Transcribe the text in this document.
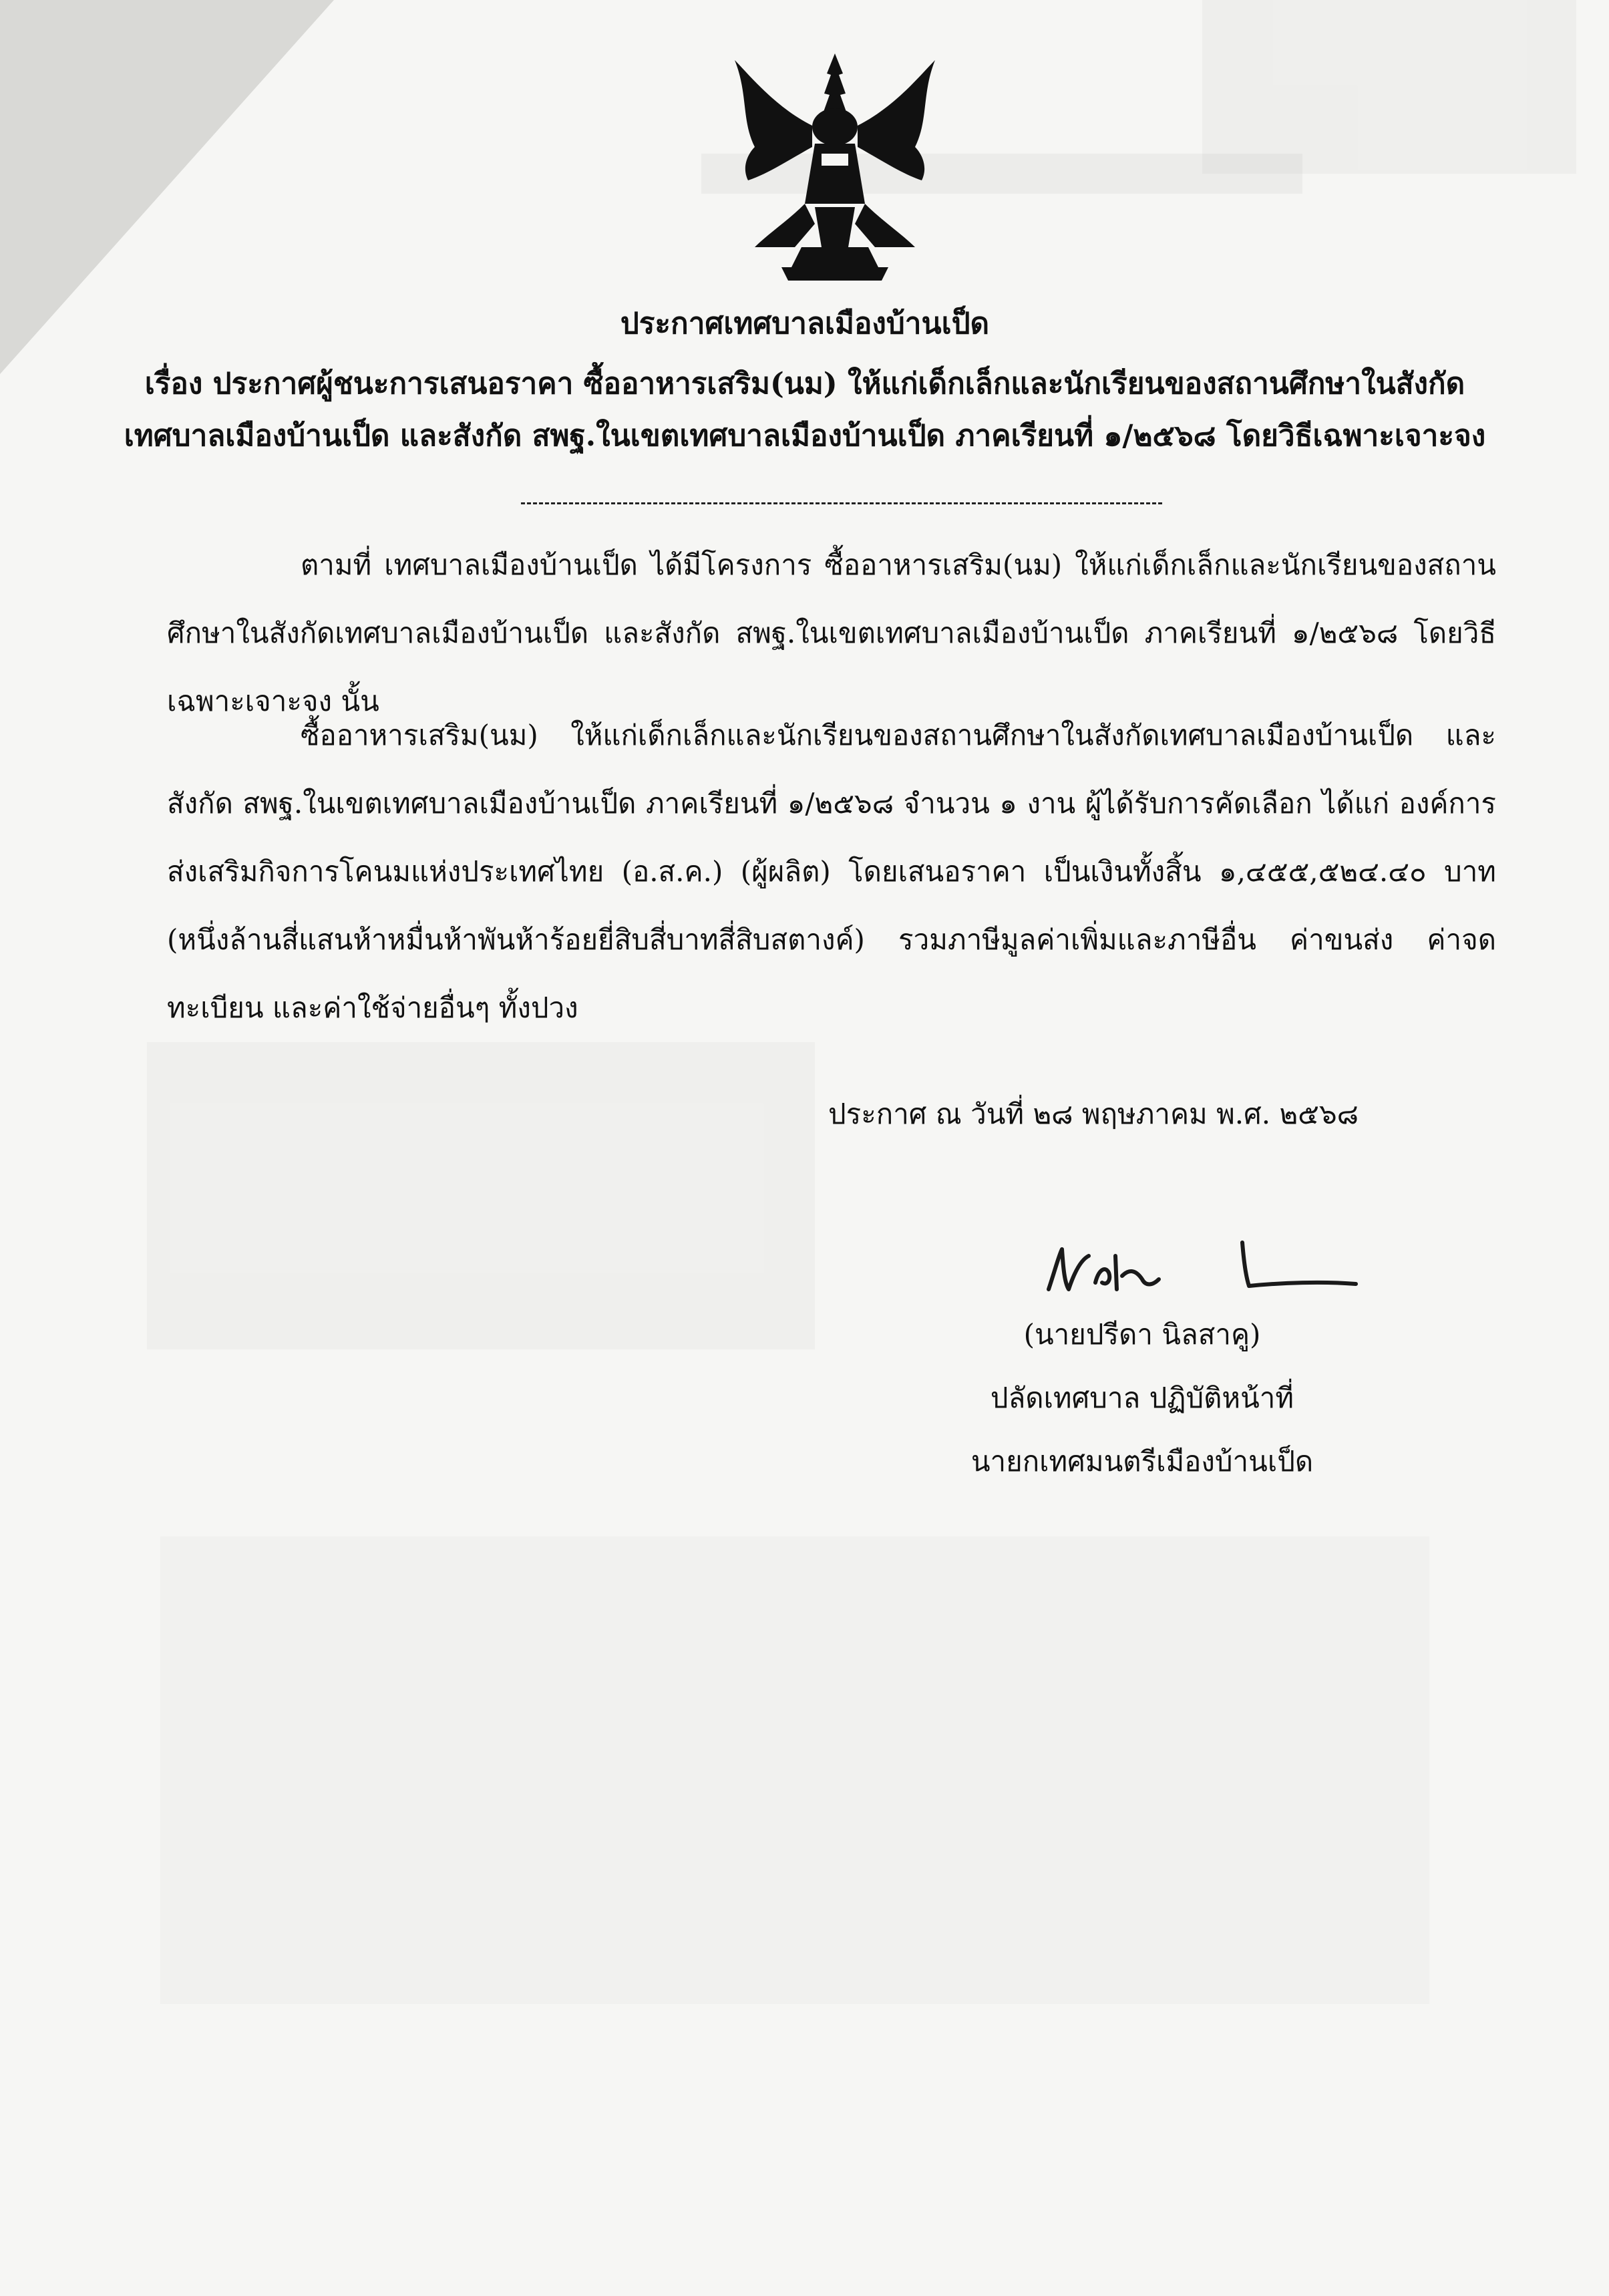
ประกาศเทศบาลเมืองบ้านเป็ด
เรื่อง ประกาศผู้ชนะการเสนอราคา ซื้ออาหารเสริม(นม) ให้แก่เด็กเล็กและนักเรียนของสถานศึกษาในสังกัด
เทศบาลเมืองบ้านเป็ด และสังกัด สพฐ.ในเขตเทศบาลเมืองบ้านเป็ด ภาคเรียนที่ ๑/๒๕๖๘ โดยวิธีเฉพาะเจาะจง
ตามที่ เทศบาลเมืองบ้านเป็ด ได้มีโครงการ ซื้ออาหารเสริม(นม) ให้แก่เด็กเล็กและนักเรียนของสถานศึกษาในสังกัดเทศบาลเมืองบ้านเป็ด และสังกัด สพฐ.ในเขตเทศบาลเมืองบ้านเป็ด ภาคเรียนที่ ๑/๒๕๖๘ โดยวิธีเฉพาะเจาะจง นั้น
ซื้ออาหารเสริม(นม) ให้แก่เด็กเล็กและนักเรียนของสถานศึกษาในสังกัดเทศบาลเมืองบ้านเป็ด และสังกัด สพฐ.ในเขตเทศบาลเมืองบ้านเป็ด ภาคเรียนที่ ๑/๒๕๖๘ จำนวน ๑ งาน ผู้ได้รับการคัดเลือก ได้แก่ องค์การส่งเสริมกิจการโคนมแห่งประเทศไทย (อ.ส.ค.) (ผู้ผลิต) โดยเสนอราคา เป็นเงินทั้งสิ้น ๑,๔๕๕,๕๒๔.๔๐ บาท (หนึ่งล้านสี่แสนห้าหมื่นห้าพันห้าร้อยยี่สิบสี่บาทสี่สิบสตางค์) รวมภาษีมูลค่าเพิ่มและภาษีอื่น ค่าขนส่ง ค่าจดทะเบียน และค่าใช้จ่ายอื่นๆ ทั้งปวง
ประกาศ ณ วันที่ ๒๘ พฤษภาคม พ.ศ. ๒๕๖๘
(นายปรีดา นิลสาคู)
ปลัดเทศบาล ปฏิบัติหน้าที่
นายกเทศมนตรีเมืองบ้านเป็ด
